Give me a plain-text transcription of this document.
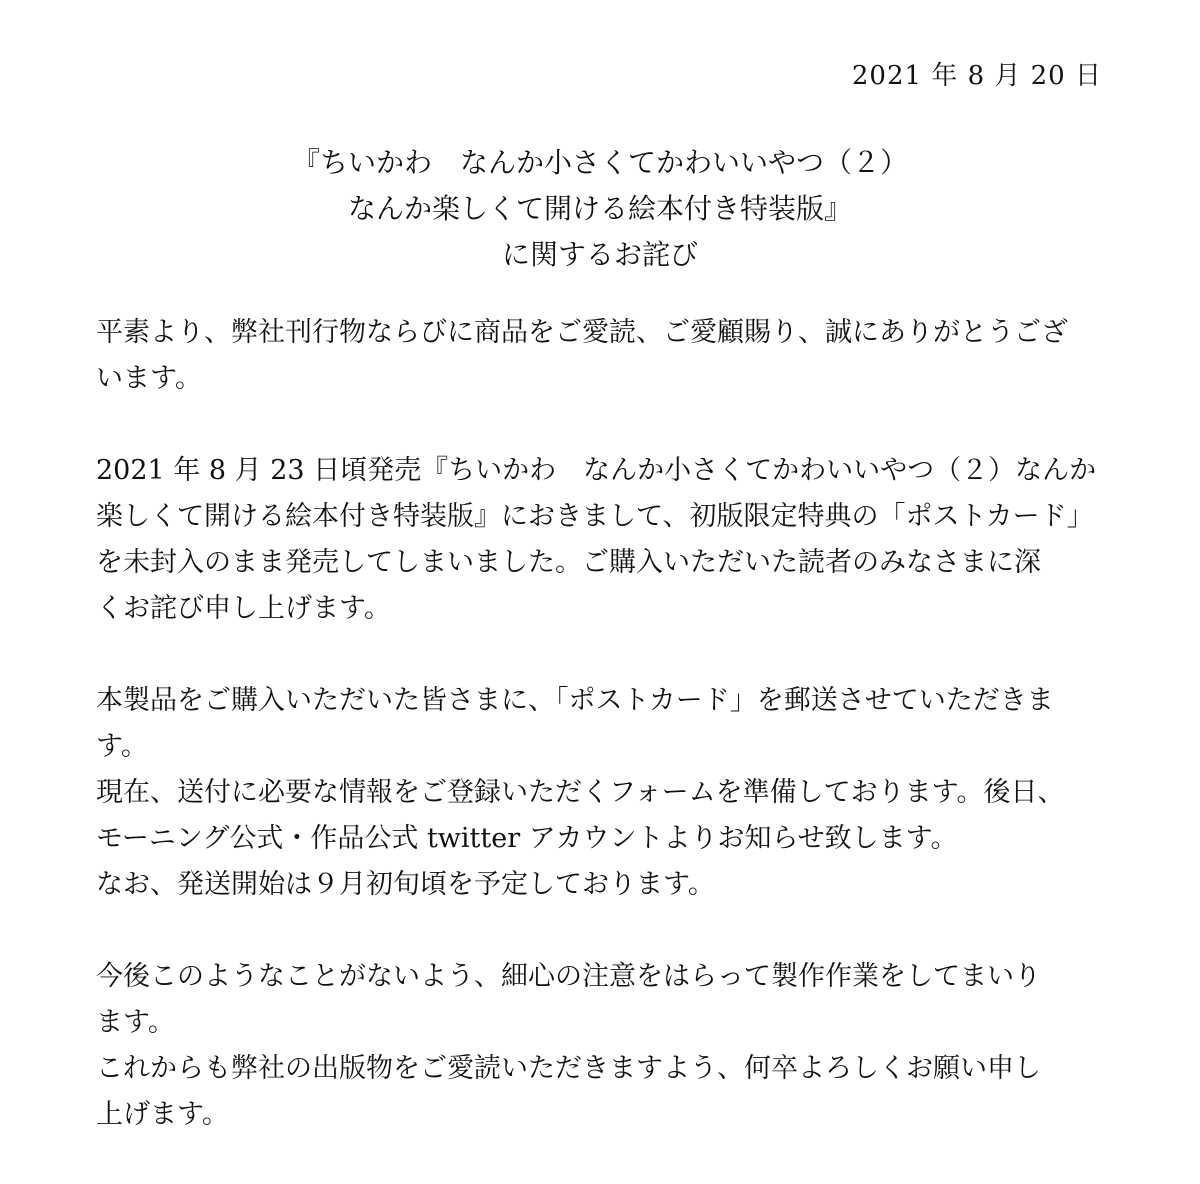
2021 年 8 月 20 日
『ちいかわ　なんか小さくてかわいいやつ（２）
なんか楽しくて開ける絵本付き特装版』
に関するお詫び
平素より、弊社刊行物ならびに商品をご愛読、ご愛顧賜り、誠にありがとうござ
います。
2021 年 8 月 23 日頃発売『ちいかわ　なんか小さくてかわいいやつ（２）なんか
楽しくて開ける絵本付き特装版』におきまして、初版限定特典の「ポストカード」
を未封入のまま発売してしまいました。ご購入いただいた読者のみなさまに深
くお詫び申し上げます。
本製品をご購入いただいた皆さまに、「ポストカード」を郵送させていただきま
す。
現在、送付に必要な情報をご登録いただくフォームを準備しております。後日、
モーニング公式・作品公式 twitter アカウントよりお知らせ致します。
なお、発送開始は９月初旬頃を予定しております。
今後このようなことがないよう、細心の注意をはらって製作作業をしてまいり
ます。
これからも弊社の出版物をご愛読いただきますよう、何卒よろしくお願い申し
上げます。
